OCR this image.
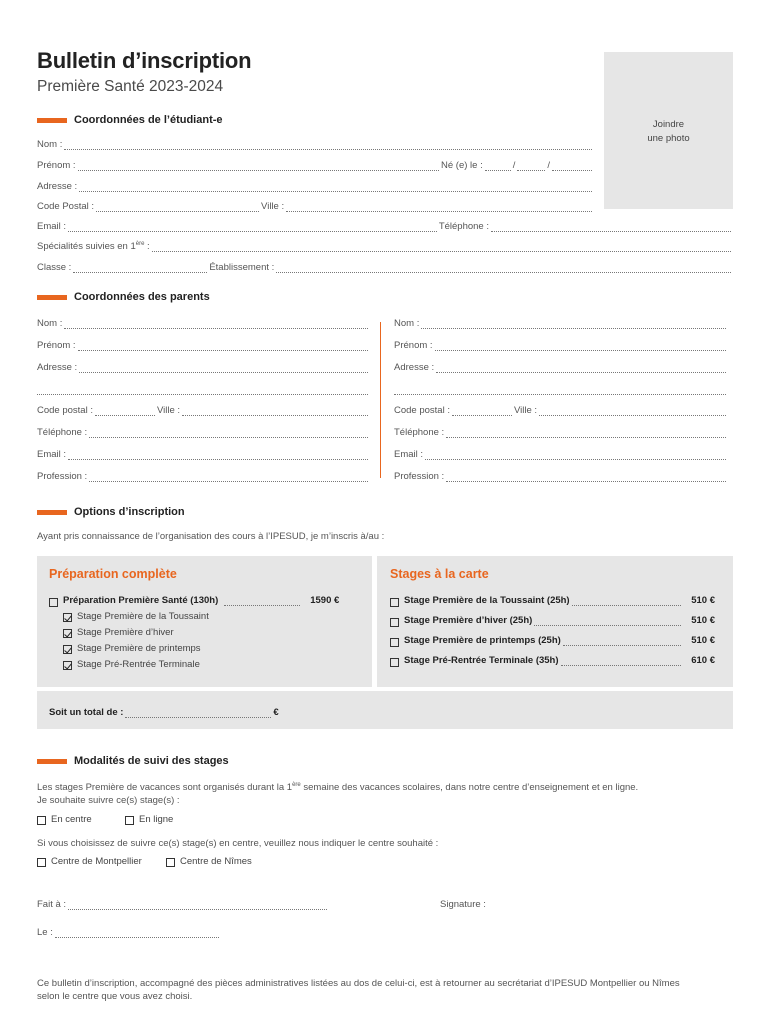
Bulletin d’inscription
Première Santé 2023-2024
Joindre
une photo
Coordonnées de l’étudiant-e
Nom :
Prénom :	Né (e) le :	/	/
Adresse :
Code Postal :	Ville :
Email :	Téléphone :
Spécialités suivies en 1ère :
Classe :	Établissement :
Coordonnées des parents
Nom :
Prénom :
Adresse :
Code postal :	Ville :
Téléphone :
Email :
Profession :
Nom :
Prénom :
Adresse :
Code postal :	Ville :
Téléphone :
Email :
Profession :
Options d’inscription
Ayant pris connaissance de l’organisation des cours à l’IPESUD, je m’inscris à/au :
Préparation complète
Préparation Première Santé (130h)	1590 €
Stage Première de la Toussaint
Stage Première d’hiver
Stage Première de printemps
Stage Pré-Rentrée Terminale
Stages à la carte
Stage Première de la Toussaint (25h)	510 €
Stage Première d’hiver (25h)	510 €
Stage Première de printemps (25h)	510 €
Stage Pré-Rentrée Terminale (35h)	610 €
Soit un total de :	€
Modalités de suivi des stages
Les stages Première de vacances sont organisés durant la 1ère semaine des vacances scolaires, dans notre centre d’enseignement et en ligne.
Je souhaite suivre ce(s) stage(s) :
En centre	En ligne
Si vous choisissez de suivre ce(s) stage(s) en centre, veuillez nous indiquer le centre souhaité :
Centre de Montpellier	Centre de Nîmes
Fait à :	Signature :
Le :
Ce bulletin d’inscription, accompagné des pièces administratives listées au dos de celui-ci, est à retourner au secrétariat d’IPESUD Montpellier ou Nîmes
selon le centre que vous avez choisi.
